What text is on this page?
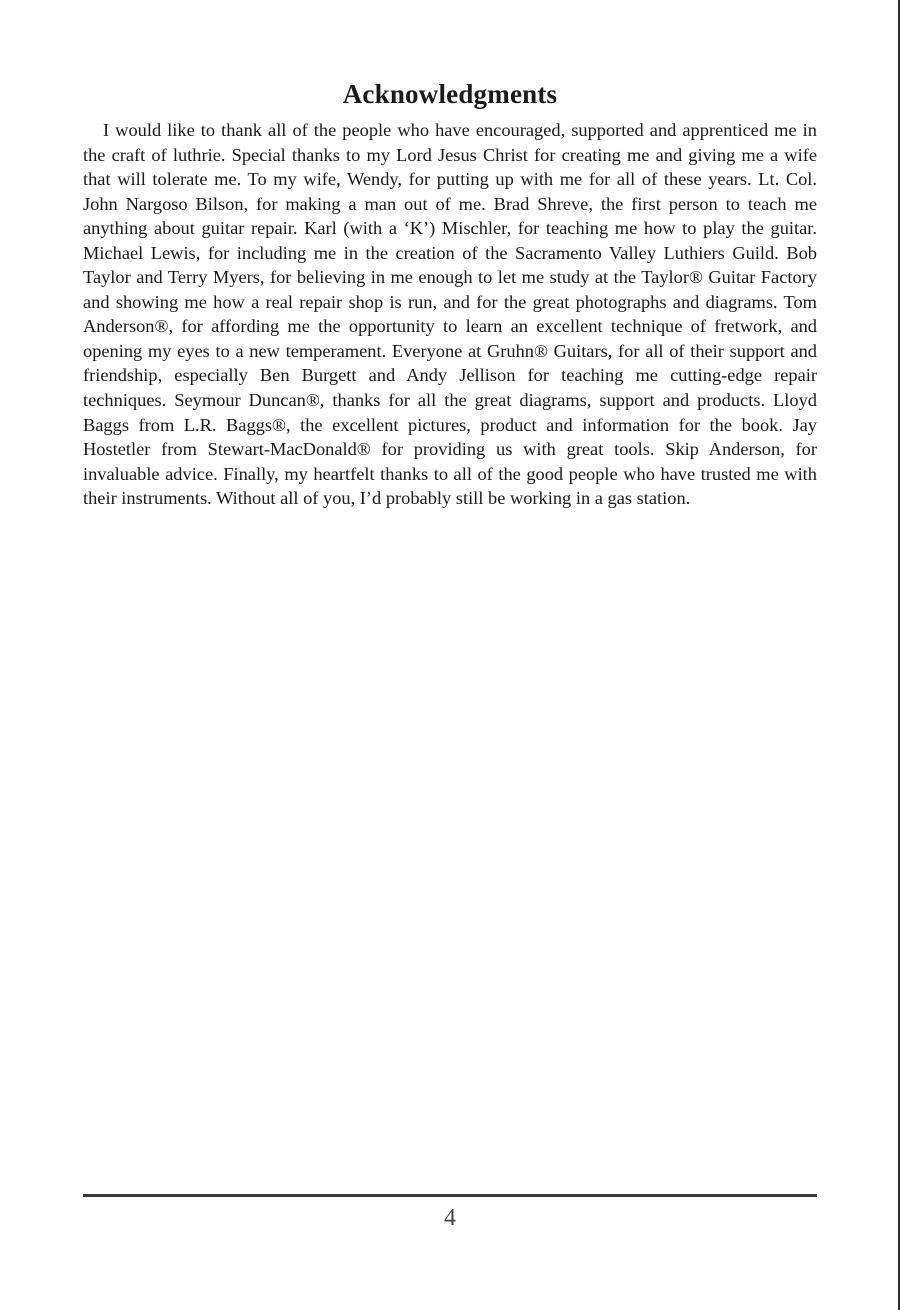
Acknowledgments

I would like to thank all of the people who have encouraged, supported and apprenticed me in the craft of luthrie. Special thanks to my Lord Jesus Christ for creating me and giving me a wife that will tolerate me. To my wife, Wendy, for putting up with me for all of these years. Lt. Col. John Nargoso Bilson, for making a man out of me. Brad Shreve, the first person to teach me anything about guitar repair. Karl (with a ‘K’) Mischler, for teaching me how to play the guitar. Michael Lewis, for including me in the creation of the Sacramento Valley Luthiers Guild. Bob Taylor and Terry Myers, for believing in me enough to let me study at the Taylor® Guitar Factory and showing me how a real repair shop is run, and for the great photographs and diagrams. Tom Anderson®, for affording me the opportunity to learn an excellent technique of fretwork, and opening my eyes to a new temperament. Everyone at Gruhn® Guitars, for all of their support and friendship, especially Ben Burgett and Andy Jellison for teaching me cutting-edge repair techniques. Seymour Duncan®, thanks for all the great diagrams, support and products. Lloyd Baggs from L.R. Baggs®, the excellent pictures, product and information for the book. Jay Hostetler from Stewart-MacDonald® for providing us with great tools. Skip Anderson, for invaluable advice. Finally, my heartfelt thanks to all of the good people who have trusted me with their instruments. Without all of you, I’d probably still be working in a gas station.

4
